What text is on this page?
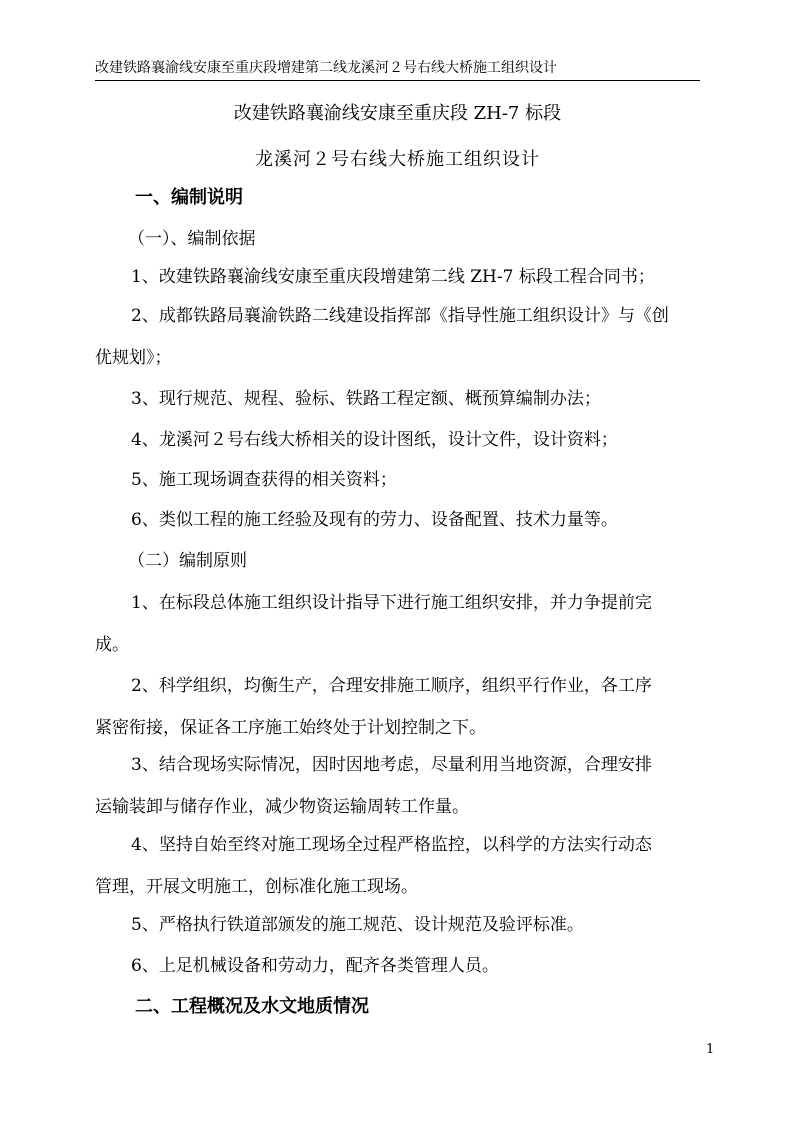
改建铁路襄渝线安康至重庆段增建第二线龙溪河２号右线大桥施工组织设计
改建铁路襄渝线安康至重庆段 ZH-7 标段
龙溪河２号右线大桥施工组织设计
一、编制说明
（一）、编制依据
1、改建铁路襄渝线安康至重庆段增建第二线 ZH-7 标段工程合同书；
2、成都铁路局襄渝铁路二线建设指挥部《指导性施工组织设计》与《创
优规划》；
3、现行规范、规程、验标、铁路工程定额、概预算编制办法；
4、龙溪河２号右线大桥相关的设计图纸，设计文件，设计资料；
5、施工现场调查获得的相关资料；
6、类似工程的施工经验及现有的劳力、设备配置、技术力量等。
（二）编制原则
1、在标段总体施工组织设计指导下进行施工组织安排，并力争提前完
成。
2、科学组织，均衡生产，合理安排施工顺序，组织平行作业，各工序
紧密衔接，保证各工序施工始终处于计划控制之下。
3、结合现场实际情况，因时因地考虑，尽量利用当地资源，合理安排
运输装卸与储存作业，减少物资运输周转工作量。
4、坚持自始至终对施工现场全过程严格监控，以科学的方法实行动态
管理，开展文明施工，创标准化施工现场。
5、严格执行铁道部颁发的施工规范、设计规范及验评标准。
6、上足机械设备和劳动力，配齐各类管理人员。
二、工程概况及水文地质情况
1
